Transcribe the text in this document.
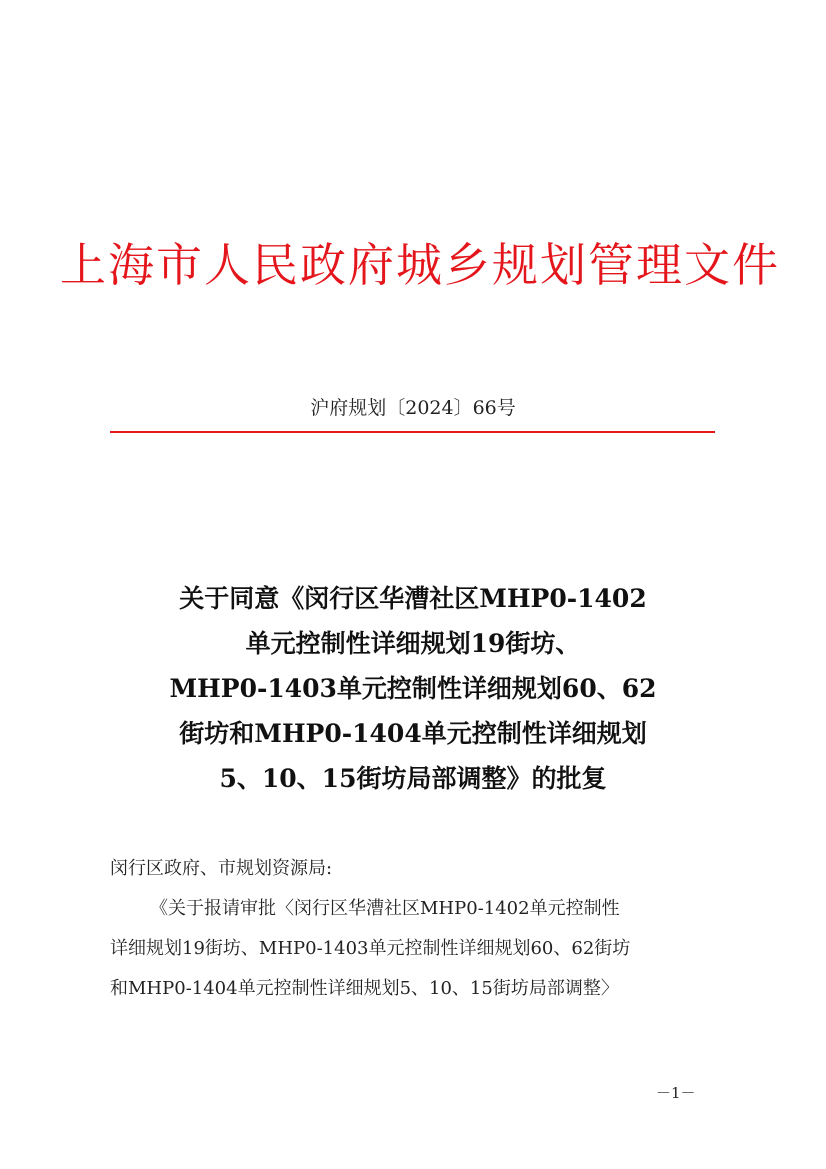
上海市人民政府城乡规划管理文件
沪府规划〔2024〕66号
关于同意《闵行区华漕社区MHP0-1402
单元控制性详细规划19街坊、
MHP0-1403单元控制性详细规划60、62
街坊和MHP0-1404单元控制性详细规划
5、10、15街坊局部调整》的批复
闵行区政府、市规划资源局:
《关于报请审批〈闵行区华漕社区MHP0-1402单元控制性
详细规划19街坊、MHP0-1403单元控制性详细规划60、62街坊
和MHP0-1404单元控制性详细规划5、10、15街坊局部调整〉
－1－
